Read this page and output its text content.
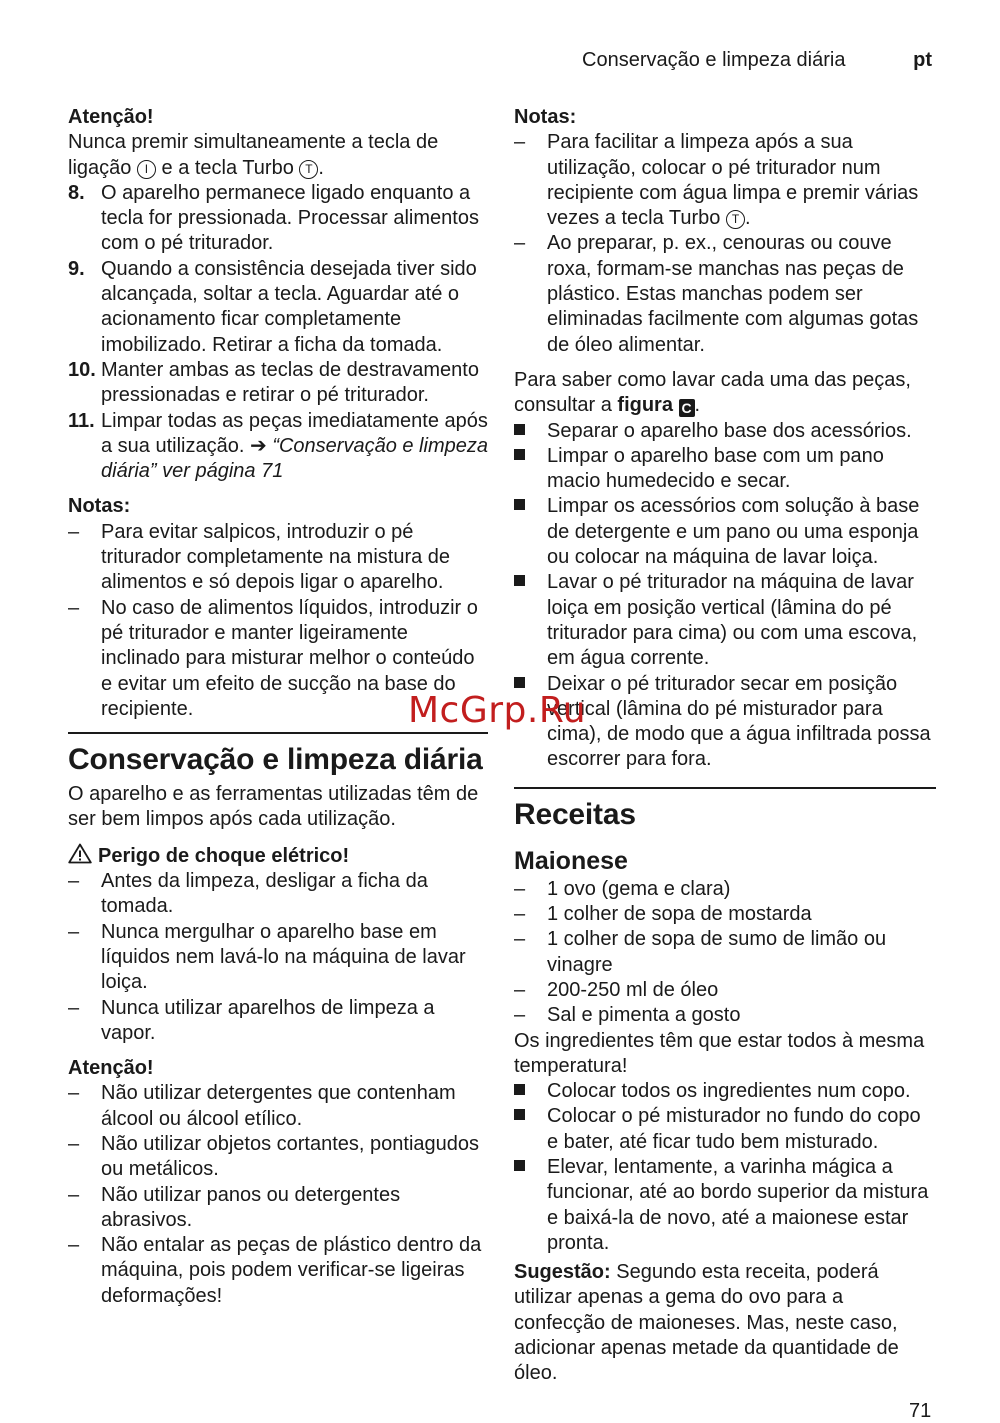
Conservação e limpeza diária	pt

Atenção!

Nunca premir simultaneamente a tecla de ligação I e a tecla Turbo T .

8. O aparelho permanece ligado enquanto a tecla for pressionada. Processar alimentos com o pé triturador.
9. Quando a consistência desejada tiver sido alcançada, soltar a tecla. Aguardar até o acionamento ficar completamente imobilizado. Retirar a ficha da tomada.
10. Manter ambas as teclas de destravamento pressionadas e retirar o pé triturador.
11. Limpar todas as peças imediatamente após a sua utilização. ➔ “Conservação e limpeza diária” ver página 71

Notas:

–	Para evitar salpicos, introduzir o pé triturador completamente na mistura de alimentos e só depois ligar o aparelho.
–	No caso de alimentos líquidos, introduzir o pé triturador e manter ligeiramente inclinado para misturar melhor o conteúdo e evitar um efeito de sucção na base do recipiente.

Conservação e limpeza diária

O aparelho e as ferramentas utilizadas têm de ser bem limpos após cada utilização.

Perigo de choque elétrico!

–	Antes da limpeza, desligar a ficha da tomada.
–	Nunca mergulhar o aparelho base em líquidos nem lavá-lo na máquina de lavar loiça.
–	Nunca utilizar aparelhos de limpeza a vapor.

Atenção!

–	Não utilizar detergentes que contenham álcool ou álcool etílico.
–	Não utilizar objetos cortantes, pontiagudos ou metálicos.
–	Não utilizar panos ou detergentes abrasivos.
–	Não entalar as peças de plástico dentro da máquina, pois podem verificar-se ligeiras deformações!

Notas:

–	Para facilitar a limpeza após a sua utilização, colocar o pé triturador num recipiente com água limpa e premir várias vezes a tecla Turbo T .
–	Ao preparar, p. ex., cenouras ou couve roxa, formam-se manchas nas peças de plástico. Estas manchas podem ser eliminadas facilmente com algumas gotas de óleo alimentar.

Para saber como lavar cada uma das peças, consultar a figura C .

Separar o aparelho base dos acessórios.
Limpar o aparelho base com um pano macio humedecido e secar.
Limpar os acessórios com solução à base de detergente e um pano ou uma esponja ou colocar na máquina de lavar loiça.
Lavar o pé triturador na máquina de lavar loiça em posição vertical (lâmina do pé triturador para cima) ou com uma escova, em água corrente.
Deixar o pé triturador secar em posição vertical (lâmina do pé misturador para cima), de modo que a água infiltrada possa escorrer para fora.

Receitas

Maionese

–	1 ovo (gema e clara)
–	1 colher de sopa de mostarda
–	1 colher de sopa de sumo de limão ou vinagre
–	200-250 ml de óleo
–	Sal e pimenta a gosto

Os ingredientes têm que estar todos à mesma temperatura!

Colocar todos os ingredientes num copo.
Colocar o pé misturador no fundo do copo e bater, até ficar tudo bem misturado.
Elevar, lentamente, a varinha mágica a funcionar, até ao bordo superior da mistura e baixá-la de novo, até a maionese estar pronta.

Sugestão: Segundo esta receita, poderá utilizar apenas a gema do ovo para a confecção de maioneses. Mas, neste caso, adicionar apenas metade da quantidade de óleo.

McGrp.Ru
71
